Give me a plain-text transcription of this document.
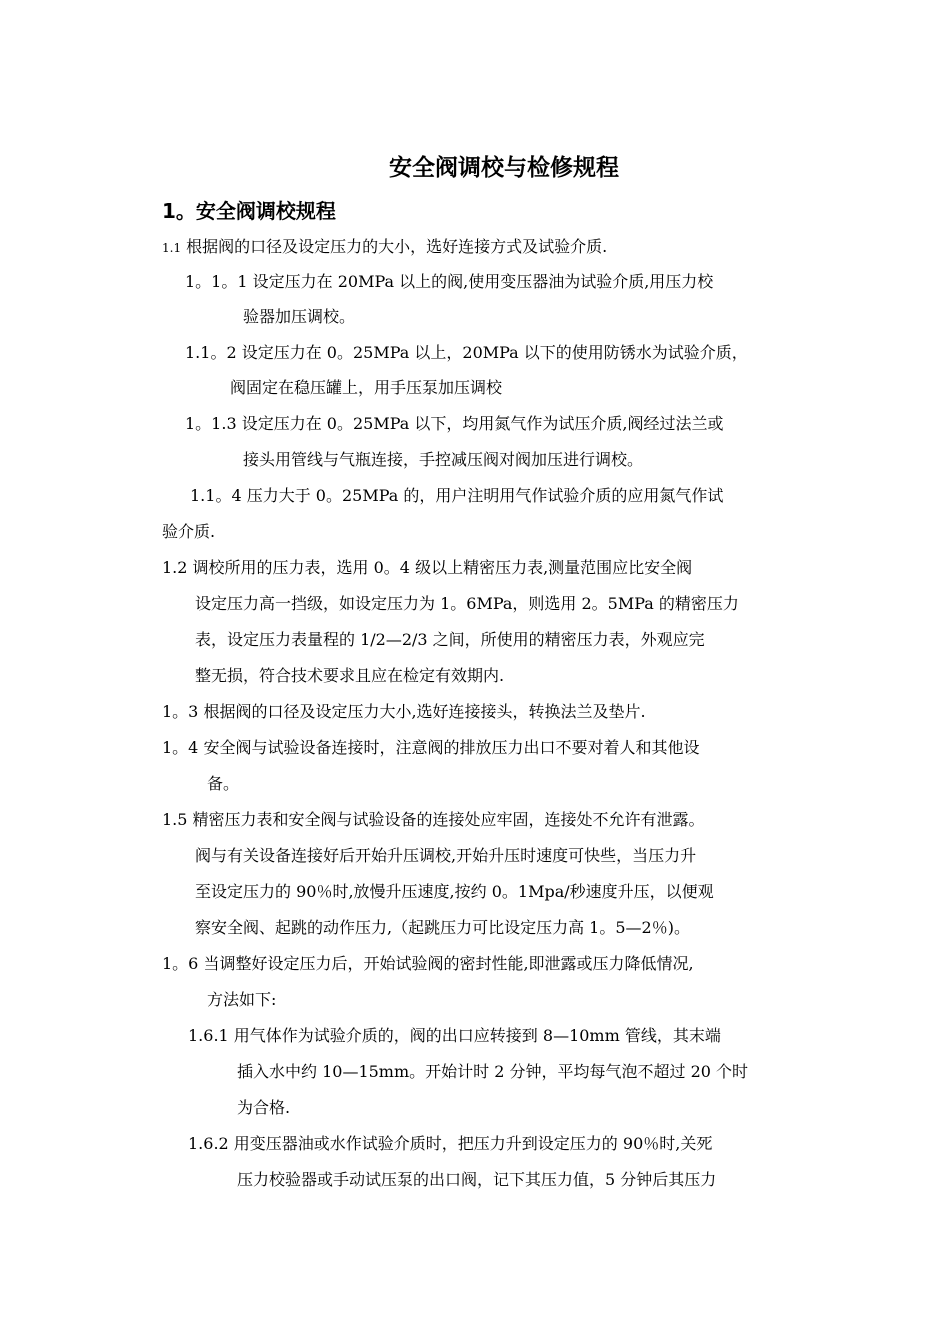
安全阀调校与检修规程
1。安全阀调校规程

1.1 根据阀的口径及设定压力的大小，选好连接方式及试验介质.

1。1。1 设定压力在 20MPa 以上的阀,使用变压器油为试验介质,用压力校

验器加压调校。

1.1。2 设定压力在 0。25MPa 以上，20MPa 以下的使用防锈水为试验介质，

阀固定在稳压罐上，用手压泵加压调校

1。1.3 设定压力在 0。25MPa 以下，均用氮气作为试压介质,阀经过法兰或

接头用管线与气瓶连接，手控减压阀对阀加压进行调校。

1.1。4 压力大于 0。25MPa 的，用户注明用气作试验介质的应用氮气作试

验介质.

1.2 调校所用的压力表，选用 0。4 级以上精密压力表,测量范围应比安全阀

设定压力高一挡级，如设定压力为 1。6MPa，则选用 2。5MPa 的精密压力

表，设定压力表量程的 1/2—2/3 之间，所使用的精密压力表，外观应完

整无损，符合技术要求且应在检定有效期内.

1。3 根据阀的口径及设定压力大小,选好连接接头，转换法兰及垫片.

1。4 安全阀与试验设备连接时，注意阀的排放压力出口不要对着人和其他设

备。

1.5 精密压力表和安全阀与试验设备的连接处应牢固，连接处不允许有泄露。

阀与有关设备连接好后开始升压调校,开始升压时速度可快些，当压力升

至设定压力的 90％时,放慢升压速度,按约 0。1Mpa/秒速度升压，以便观

察安全阀、起跳的动作压力,（起跳压力可比设定压力高 1。5—2％)。

1。6 当调整好设定压力后，开始试验阀的密封性能,即泄露或压力降低情况,

方法如下:

1.6.1 用气体作为试验介质的，阀的出口应转接到 8—10mm 管线，其末端

插入水中约 10—15mm。开始计时 2 分钟，平均每气泡不超过 20 个时

为合格.

1.6.2 用变压器油或水作试验介质时，把压力升到设定压力的 90％时,关死

压力校验器或手动试压泵的出口阀，记下其压力值，5 分钟后其压力
